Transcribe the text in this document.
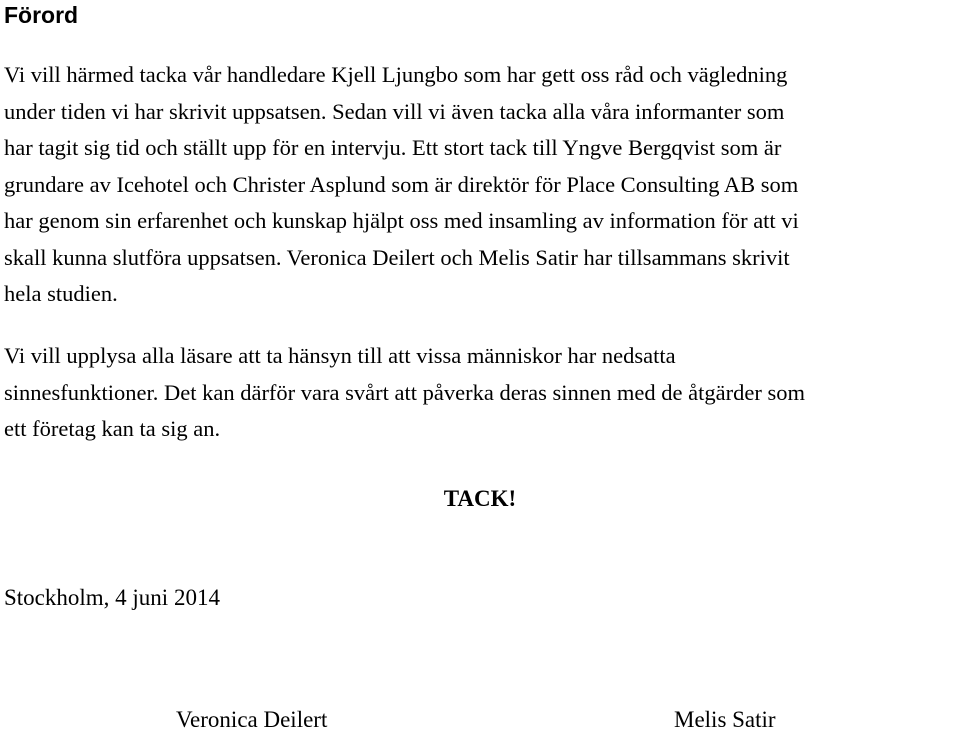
Förord

Vi vill härmed tacka vår handledare Kjell Ljungbo som har gett oss råd och vägledning
under tiden vi har skrivit uppsatsen. Sedan vill vi även tacka alla våra informanter som
har tagit sig tid och ställt upp för en intervju. Ett stort tack till Yngve Bergqvist som är
grundare av Icehotel och Christer Asplund som är direktör för Place Consulting AB som
har genom sin erfarenhet och kunskap hjälpt oss med insamling av information för att vi
skall kunna slutföra uppsatsen. Veronica Deilert och Melis Satir har tillsammans skrivit
hela studien.

Vi vill upplysa alla läsare att ta hänsyn till att vissa människor har nedsatta
sinnesfunktioner. Det kan därför vara svårt att påverka deras sinnen med de åtgärder som
ett företag kan ta sig an.

TACK!
Stockholm, 4 juni 2014
Veronica Deilert	Melis Satir
